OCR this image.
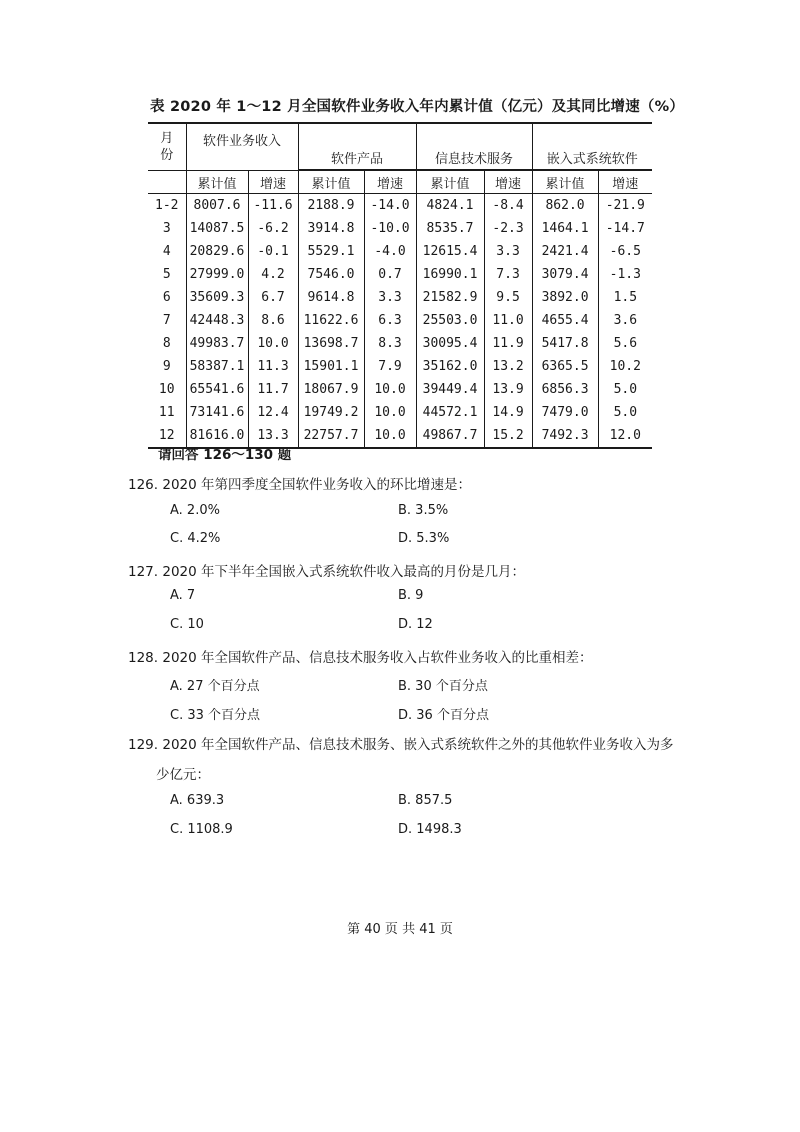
表 2020 年 1～12 月全国软件业务收入年内累计值（亿元）及其同比增速（%）
月份	软件业务收入		软件产品		信息技术服务		嵌入式系统软件	

	累计值	增速	累计值	增速	累计值	增速	累计值	增速
1-2	8007.6	-11.6	2188.9	-14.0	4824.1	-8.4	862.0	-21.9
3	14087.5	-6.2	3914.8	-10.0	8535.7	-2.3	1464.1	-14.7
4	20829.6	-0.1	5529.1	-4.0	12615.4	3.3	2421.4	-6.5
5	27999.0	4.2	7546.0	0.7	16990.1	7.3	3079.4	-1.3
6	35609.3	6.7	9614.8	3.3	21582.9	9.5	3892.0	1.5
7	42448.3	8.6	11622.6	6.3	25503.0	11.0	4655.4	3.6
8	49983.7	10.0	13698.7	8.3	30095.4	11.9	5417.8	5.6
9	58387.1	11.3	15901.1	7.9	35162.0	13.2	6365.5	10.2
10	65541.6	11.7	18067.9	10.0	39449.4	13.9	6856.3	5.0
11	73141.6	12.4	19749.2	10.0	44572.1	14.9	7479.0	5.0
12	81616.0	13.3	22757.7	10.0	49867.7	15.2	7492.3	12.0
请回答 126～130 题
126. 2020 年第四季度全国软件业务收入的环比增速是：
A. 2.0%	B. 3.5%
C. 4.2%	D. 5.3%
127. 2020 年下半年全国嵌入式系统软件收入最高的月份是几月：
A. 7	B. 9
C. 10	D. 12
128. 2020 年全国软件产品、信息技术服务收入占软件业务收入的比重相差：
A. 27 个百分点	B. 30 个百分点
C. 33 个百分点	D. 36 个百分点
129. 2020 年全国软件产品、信息技术服务、嵌入式系统软件之外的其他软件业务收入为多
少亿元：
A. 639.3	B. 857.5
C. 1108.9	D. 1498.3
第 40 页 共 41 页
